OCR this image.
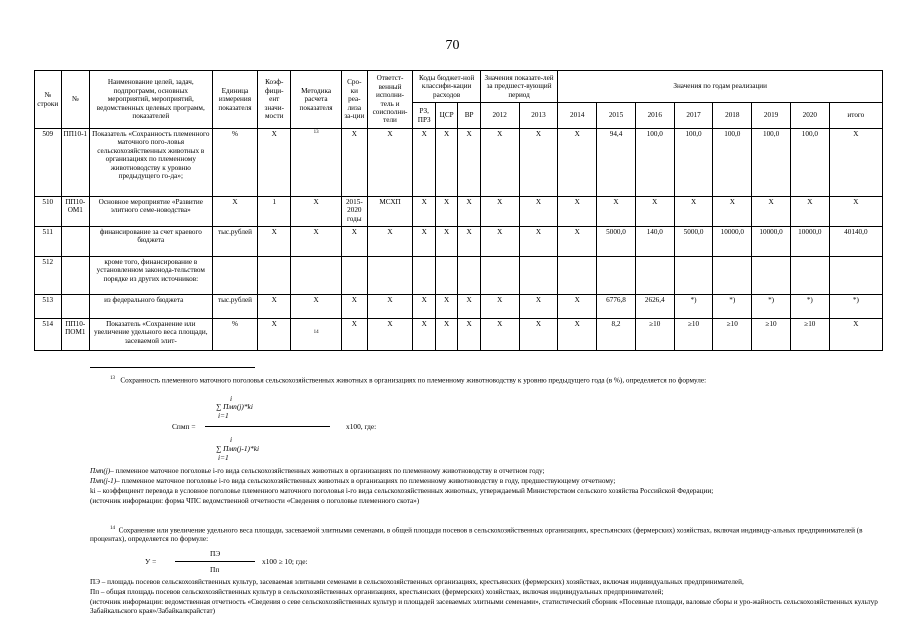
70
№ строки	№	Наименование целей, задач, подпрограмм, основных мероприятий, мероприятий, ведомственных целевых программ, показателей	Единица измерения показателя	Коэф-фици-ент значи-мости	Методика расчета показателя	Сро-ки реа-лиза за-ции	Ответст-венный исполни-тель и соисполни-тели	Коды бюджет-ной классифи-кации расходов			Значения показате-лей за предшест-вующий период		Значения по годам реализации							
								РЗ, ПРЗ	ЦСР	ВР	2012	2013	2014	2015	2016	2017	2018	2019	2020	итого
509	ПП10-1	Показатель «Сохранность племенного маточного пого-ловья сельскохозяйственных животных в организациях по племенному животноводству к уровню предыдущего го-да»;	%	Х	$^{13}$	Х	Х	Х	Х	Х	Х	Х	Х	94,4	100,0	100,0	100,0	100,0	100,0	Х
510	ПП10-ОМ1	Основное мероприятие «Развитие элитного семе-новодства»	Х	1	Х	2015-2020 годы	МСХП	Х	Х	Х	Х	Х	Х	Х	Х	Х	Х	Х	Х	Х
511		финансирование за счет краевого бюджета	тыс.рублей	Х	Х	Х	Х	Х	Х	Х	Х	Х	Х	5000,0	140,0	5000,0	10000,0	10000,0	10000,0	40140,0
512		кроме того, финансирование в установленном законода-тельством порядке из других источников:																		
513		из федерального бюджета	тыс.рублей	Х	Х	Х	Х	Х	Х	Х	Х	Х	Х	6776,8	2626,4	*)	*)	*)	*)	*)
514	ПП10-ПОМ1	Показатель «Сохранение или увеличение удельного веса площади, засеваемой элит-	%	Х	$^{14}$	Х	Х	Х	Х	Х	Х	Х	Х	8,2	≥10	≥10	≥10	≥10	≥10	Х
$^{13}$ Сохранность племенного маточного поголовья сельскохозяйственных животных в организациях по племенному животноводству к уровню предыдущего года (в %), определяется по формуле:
i
∑ Пмп(j)*ki
i=1
Спмп =	х100, где:
i
∑ Пмп(j-1)*ki
i=1
Пмп(j)– племенное маточное поголовье i-го вида сельскохозяйственных животных в организациях по племенному животноводству в отчетном году;
Пмп(j-1)– племенное маточное поголовье i-го вида сельскохозяйственных животных в организациях по племенному животноводству в году, предшествующему отчетному;
ki – коэффициент перевода в условное поголовье племенного маточного поголовья i-го вида сельскохозяйственных животных, утверждаемый Министерством сельского хозяйства Российской Федерации;
(источник информации: форма ЧПС ведомственной отчетности «Сведения о поголовье племенного скота»)
$^{14}$ Сохранение или увеличение удельного веса площади, засеваемой элитными семенами, в общей площади посевов в сельскохозяйственных организациях, крестьянских (фермерских) хозяйствах, включая индивиду-альных предпринимателей (в процентах), определяется по формуле:
ПЭ
У =	х100 ≥ 10; где:
Пп
ПЭ – площадь посевов сельскохозяйственных культур, засеваемая элитными семенами в сельскохозяйственных организациях, крестьянских (фермерских) хозяйствах, включая индивидуальных предпринимателей,
Пп – общая площадь посевов сельскохозяйственных культур в сельскохозяйственных организациях, крестьянских (фермерских) хозяйствах, включая индивидуальных предпринимателей;
(источник информации: ведомственная отчетность «Сведения о севе сельскохозяйственных культур и площадей засеваемых элитными семенами», статистический сборник «Посевные площади, валовые сборы и уро-жайность сельскохозяйственных культур Забайкальского края»/Забайкалкрайстат)
